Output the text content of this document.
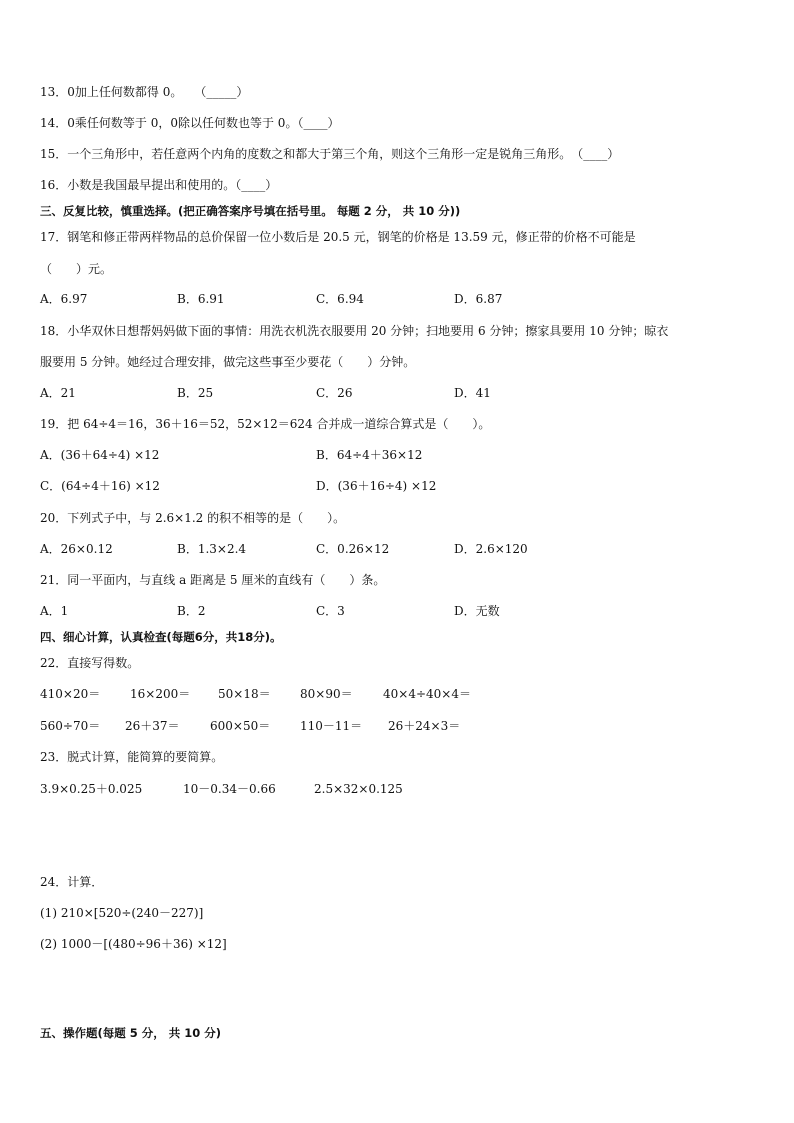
13．0加上任何数都得 0。　　（_____）
14．0乘任何数等于 0，0除以任何数也等于 0。（____）
15．一个三角形中，若任意两个内角的度数之和都大于第三个角，则这个三角形一定是锐角三角形。　（____）
16．小数是我国最早提出和使用的。（____）
三、反复比较，慎重选择。(把正确答案序号填在括号里。 每题 2 分， 共 10 分))
17．钢笔和修正带两样物品的总价保留一位小数后是 20.5 元，钢笔的价格是 13.59 元，修正带的价格不可能是
（　　）元。
A．6.97	B．6.91	C．6.94	D．6.87
18．小华双休日想帮妈妈做下面的事情：用洗衣机洗衣服要用 20 分钟；扫地要用 6 分钟；擦家具要用 10 分钟；晾衣
服要用 5 分钟。她经过合理安排，做完这些事至少要花（　　）分钟。
A．21	B．25	C．26	D．41
19．把 64÷4＝16，36＋16＝52，52×12＝624 合并成一道综合算式是（　　）。
A．(36＋64÷4) ×12	B．64÷4＋36×12
C．(64÷4＋16) ×12	D．(36＋16÷4) ×12
20．下列式子中，与 2.6×1.2 的积不相等的是（　　）。
A．26×0.12	B．1.3×2.4	C．0.26×12	D．2.6×120
21．同一平面内，与直线 a 距离是 5 厘米的直线有（　　）条。
A．1	B．2	C．3	D．无数
四、细心计算，认真检查(每题6分，共18分)。
22．直接写得数。
410×20＝ 16×200＝ 50×18＝ 80×90＝	40×4÷40×4＝
560÷70＝ 26＋37＝	600×50＝ 110－11＝ 26＋24×3＝
23．脱式计算，能简算的要简算。
3.9×0.25＋0.025	10－0.34－0.66	2.5×32×0.125
24．计算．
(1) 210×[520÷(240－227)]
(2) 1000－[(480÷96＋36) ×12]
五、操作题(每题 5 分， 共 10 分)
